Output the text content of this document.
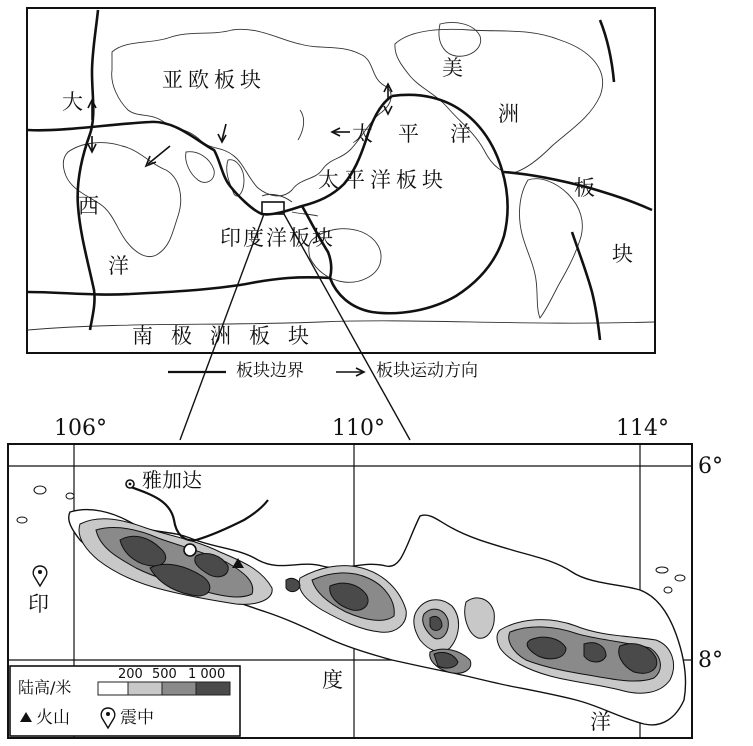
亚欧板块
大
西
洋
太 平 洋
太平洋板块
印度洋板块
南极洲板块
美
洲
板
块
板块边界	板块运动方向
106°	110°	114°
6°
8°
雅加达
印
度
洋
陆高/米
200 500 1 000
火山	震中
